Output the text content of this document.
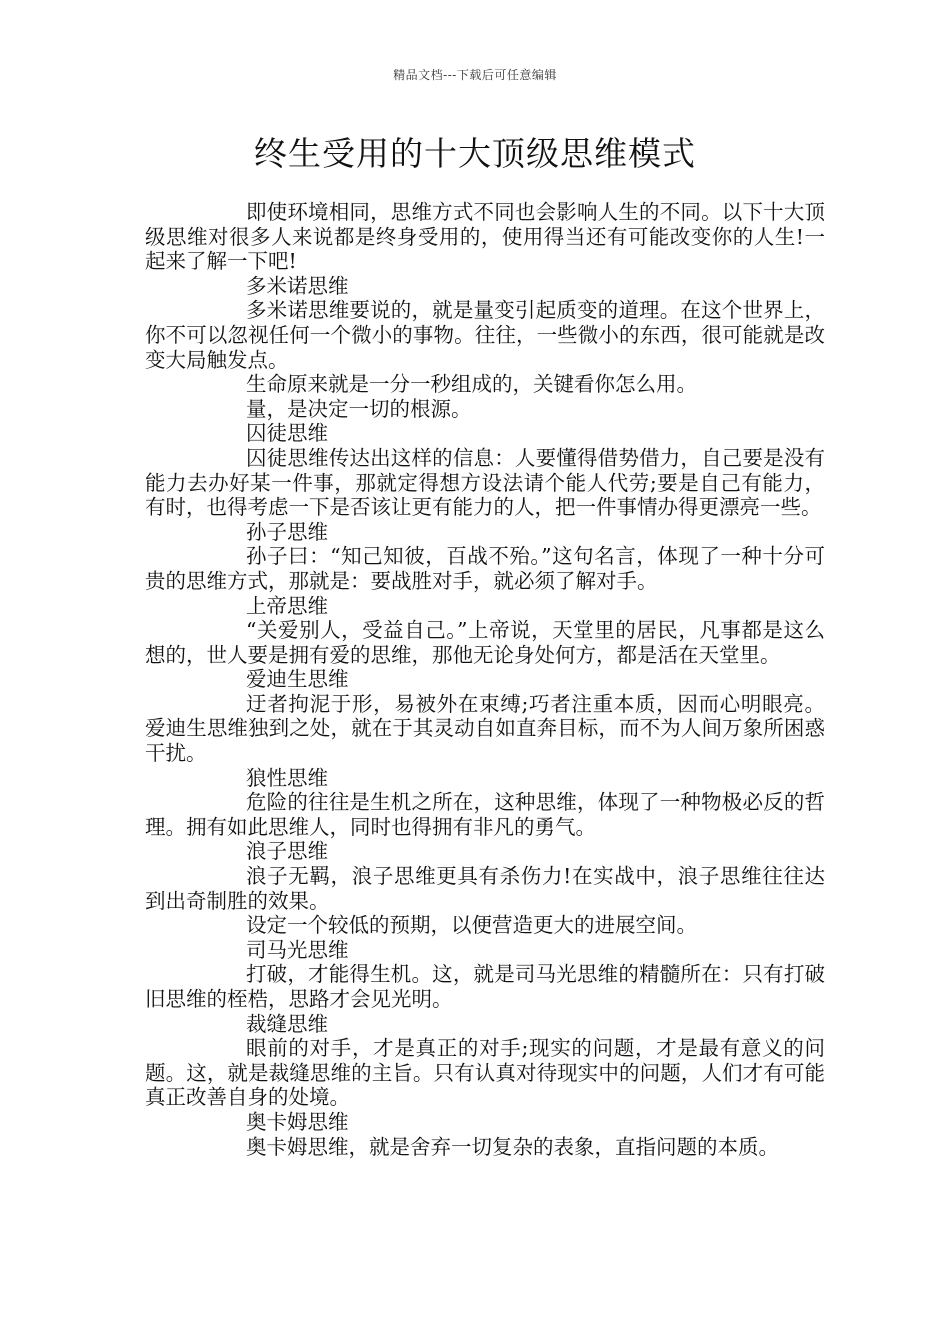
精品文档---下载后可任意编辑
终生受用的十大顶级思维模式

即使环境相同，思维方式不同也会影响人生的不同。以下十大顶级思维对很多人来说都是终身受用的，使用得当还有可能改变你的人生!一起来了解一下吧!

多米诺思维

多米诺思维要说的，就是量变引起质变的道理。在这个世界上，你不可以忽视任何一个微小的事物。往往，一些微小的东西，很可能就是改变大局触发点。

生命原来就是一分一秒组成的，关键看你怎么用。

量，是决定一切的根源。

囚徒思维

囚徒思维传达出这样的信息：人要懂得借势借力，自己要是没有能力去办好某一件事，那就定得想方设法请个能人代劳;要是自己有能力，有时，也得考虑一下是否该让更有能力的人，把一件事情办得更漂亮一些。

孙子思维

孙子曰：“知己知彼，百战不殆。”这句名言，体现了一种十分可贵的思维方式，那就是：要战胜对手，就必须了解对手。

上帝思维

“关爱别人，受益自己。”上帝说，天堂里的居民，凡事都是这么想的，世人要是拥有爱的思维，那他无论身处何方，都是活在天堂里。

爱迪生思维

迂者拘泥于形，易被外在束缚;巧者注重本质，因而心明眼亮。爱迪生思维独到之处，就在于其灵动自如直奔目标，而不为人间万象所困惑干扰。

狼性思维

危险的往往是生机之所在，这种思维，体现了一种物极必反的哲理。拥有如此思维人，同时也得拥有非凡的勇气。

浪子思维

浪子无羁，浪子思维更具有杀伤力!在实战中，浪子思维往往达到出奇制胜的效果。

设定一个较低的预期，以便营造更大的进展空间。

司马光思维

打破，才能得生机。这，就是司马光思维的精髓所在：只有打破旧思维的桎梏，思路才会见光明。

裁缝思维

眼前的对手，才是真正的对手;现实的问题，才是最有意义的问题。这，就是裁缝思维的主旨。只有认真对待现实中的问题，人们才有可能真正改善自身的处境。

奥卡姆思维

奥卡姆思维，就是舍弃一切复杂的表象，直指问题的本质。
